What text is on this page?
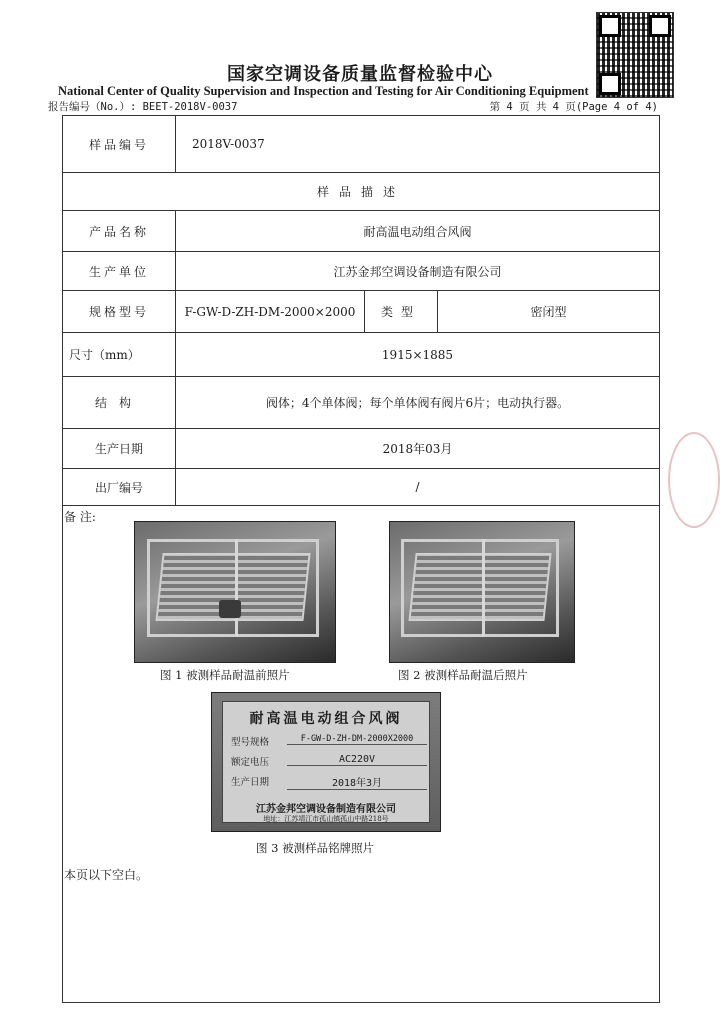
国家空调设备质量监督检验中心
National Center of Quality Supervision and Inspection and Testing for Air Conditioning Equipment
报告编号（No.）: BEET-2018V-0037	第 4 页 共 4 页(Page 4 of 4)
样品编号	2018V-0037		
样品描述			
产品名称	耐高温电动组合风阀		
生产单位	江苏金邦空调设备制造有限公司		
规格型号	F-GW-D-ZH-DM-2000×2000	类型	密闭型
尺寸（mm）	1915×1885		
结构	阀体；4个单体阀；每个单体阀有阀片6片；电动执行器。		
生产日期	2018年03月		
出厂编号	/		
备 注:
图 1 被测样品耐温前照片	图 2 被测样品耐温后照片
耐高温电动组合风阀
型号规格	F-GW-D-ZH-DM-2000X2000
额定电压	AC220V
生产日期	2018年3月
江苏金邦空调设备制造有限公司
地址：江苏靖江市孤山镇孤山中路218号
图 3 被测样品铭牌照片
本页以下空白。
